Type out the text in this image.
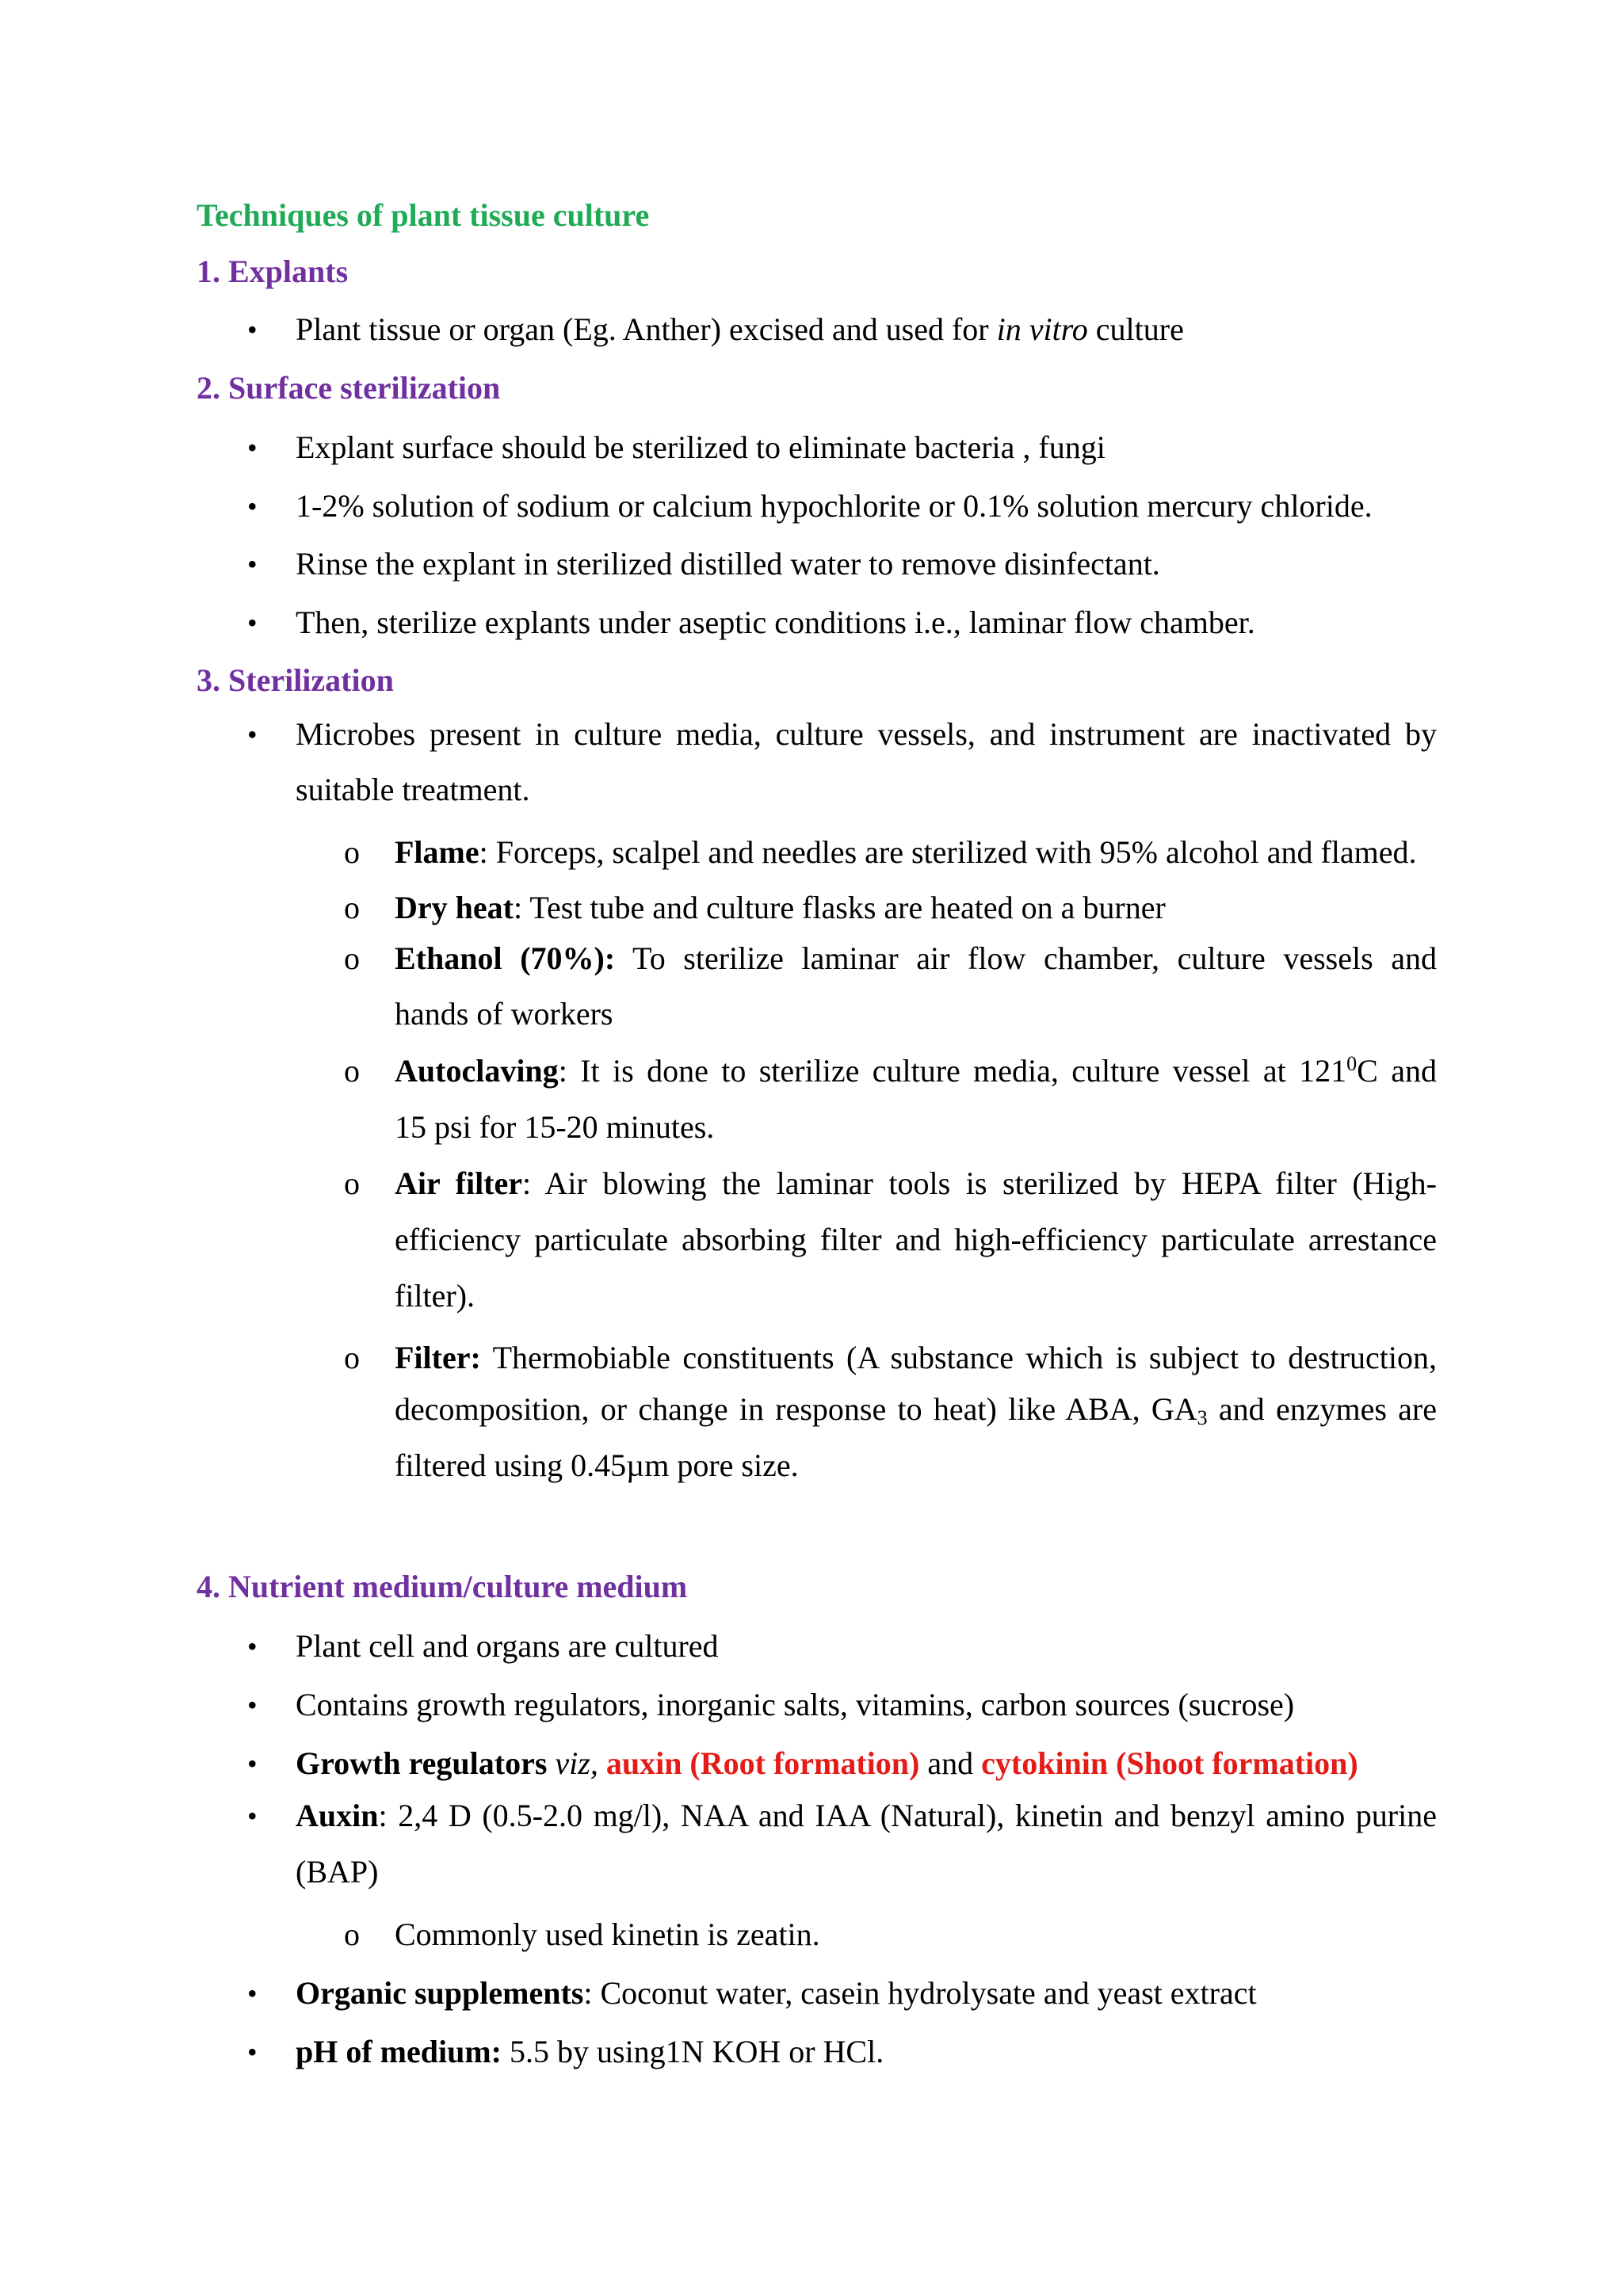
Techniques of plant tissue culture

1. Explants

• Plant tissue or organ (Eg. Anther) excised and used for in vitro culture

2. Surface sterilization

• Explant surface should be sterilized to eliminate bacteria , fungi

• 1-2% solution of sodium or calcium hypochlorite or 0.1% solution mercury chloride.

• Rinse the explant in sterilized distilled water to remove disinfectant.

• Then, sterilize explants under aseptic conditions i.e., laminar flow chamber.

3. Sterilization

• Microbes present in culture media, culture vessels, and instrument are inactivated by

suitable treatment.

o Flame: Forceps, scalpel and needles are sterilized with 95% alcohol and flamed.

o Dry heat: Test tube and culture flasks are heated on a burner

o Ethanol (70%): To sterilize laminar air flow chamber, culture vessels and

hands of workers

o Autoclaving: It is done to sterilize culture media, culture vessel at $121^0C$ and

15 psi for 15-20 minutes.

o Air filter: Air blowing the laminar tools is sterilized by HEPA filter (High-

efficiency particulate absorbing filter and high-efficiency particulate arrestance

filter).

o Filter: Thermobiable constituents (A substance which is subject to destruction,

decomposition, or change in response to heat) like ABA, $GA_3$ and enzymes are

filtered using 0.45µm pore size.

4. Nutrient medium/culture medium

• Plant cell and organs are cultured

• Contains growth regulators, inorganic salts, vitamins, carbon sources (sucrose)

• Growth regulators viz, auxin (Root formation) and cytokinin (Shoot formation)

• Auxin: 2,4 D (0.5-2.0 mg/l), NAA and IAA (Natural), kinetin and benzyl amino purine

(BAP)

o Commonly used kinetin is zeatin.

• Organic supplements: Coconut water, casein hydrolysate and yeast extract

• pH of medium: 5.5 by using1N KOH or HCl.
